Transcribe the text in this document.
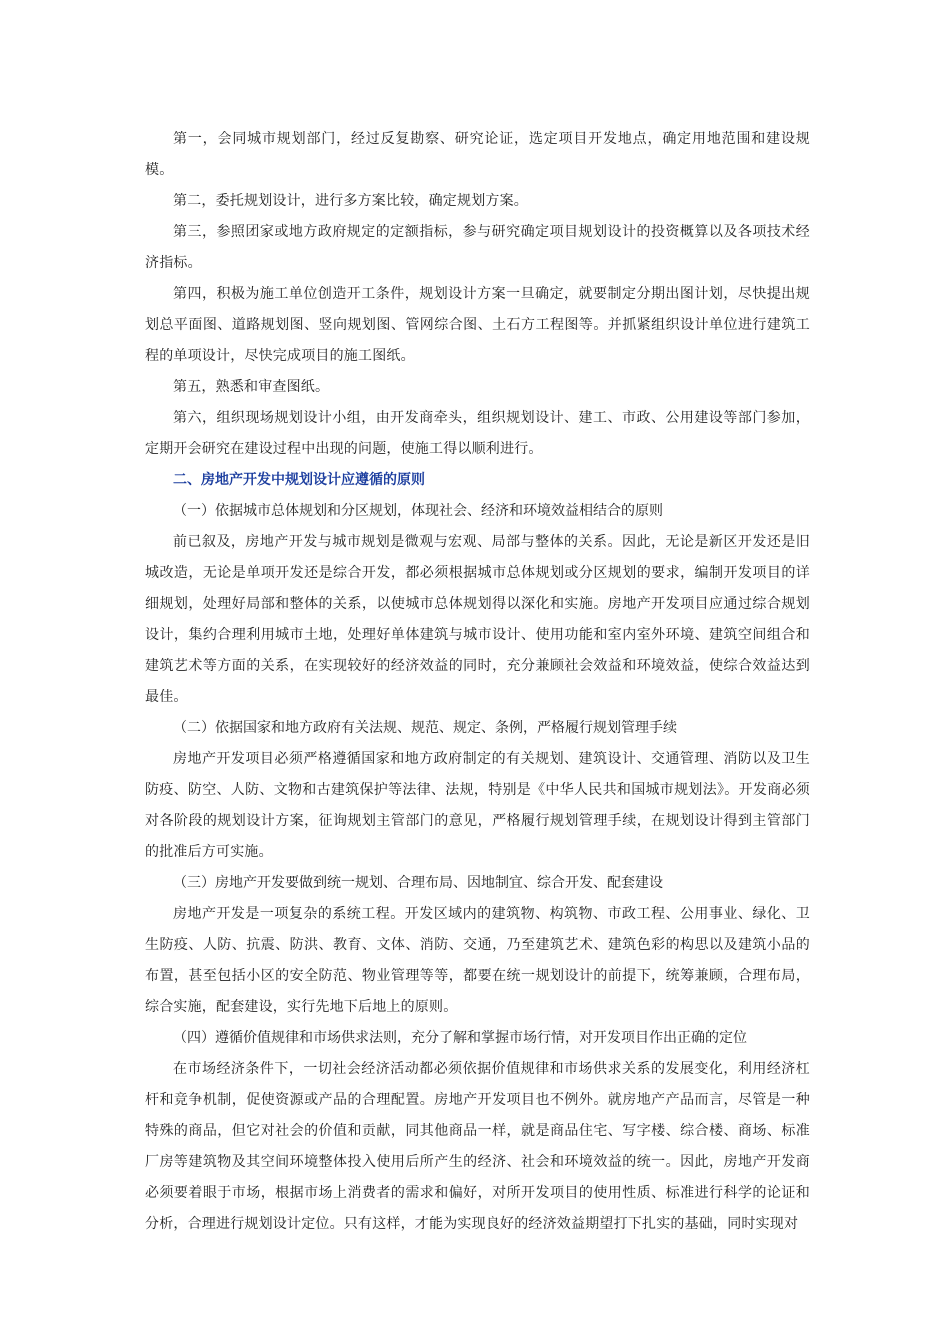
第一，会同城市规划部门，经过反复勘察、研究论证，选定项目开发地点，确定用地范围和建设规模。

第二，委托规划设计，进行多方案比较，确定规划方案。

第三，参照团家或地方政府规定的定额指标，参与研究确定项目规划设计的投资概算以及各项技术经济指标。

第四，积极为施工单位创造开工条件，规划设计方案一旦确定，就要制定分期出图计划，尽快提出规划总平面图、道路规划图、竖向规划图、管网综合图、土石方工程图等。并抓紧组织设计单位进行建筑工程的单项设计，尽快完成项目的施工图纸。

第五，熟悉和审查图纸。

第六，组织现场规划设计小组，由开发商牵头，组织规划设计、建工、市政、公用建设等部门参加，定期开会研究在建设过程中出现的问题，使施工得以顺利进行。

二、房地产开发中规划设计应遵循的原则

（一）依据城市总体规划和分区规划，体现社会、经济和环境效益相结合的原则

前已叙及，房地产开发与城市规划是微观与宏观、局部与整体的关系。因此，无论是新区开发还是旧城改造，无论是单项开发还是综合开发，都必须根据城市总体规划或分区规划的要求，编制开发项目的详细规划，处理好局部和整体的关系，以使城市总体规划得以深化和实施。房地产开发项目应通过综合规划设计，集约合理利用城市土地，处理好单体建筑与城市设计、使用功能和室内室外环境、建筑空间组合和建筑艺术等方面的关系，在实现较好的经济效益的同时，充分兼顾社会效益和环境效益，使综合效益达到最佳。

（二）依据国家和地方政府有关法规、规范、规定、条例，严格履行规划管理手续

房地产开发项目必须严格遵循国家和地方政府制定的有关规划、建筑设计、交通管理、消防以及卫生防疫、防空、人防、文物和古建筑保护等法律、法规，特别是《中华人民共和国城市规划法》。开发商必须对各阶段的规划设计方案，征询规划主管部门的意见，严格履行规划管理手续，在规划设计得到主管部门的批准后方可实施。

（三）房地产开发要做到统一规划、合理布局、因地制宜、综合开发、配套建设

房地产开发是一项复杂的系统工程。开发区域内的建筑物、构筑物、市政工程、公用事业、绿化、卫生防疫、人防、抗震、防洪、教育、文体、消防、交通，乃至建筑艺术、建筑色彩的构思以及建筑小品的布置，甚至包括小区的安全防范、物业管理等等，都要在统一规划设计的前提下，统筹兼顾，合理布局，综合实施，配套建设，实行先地下后地上的原则。

（四）遵循价值规律和市场供求法则，充分了解和掌握市场行情，对开发项目作出正确的定位

在市场经济条件下，一切社会经济活动都必须依据价值规律和市场供求关系的发展变化，利用经济杠杆和竞争机制，促使资源或产品的合理配置。房地产开发项目也不例外。就房地产产品而言，尽管是一种特殊的商品，但它对社会的价值和贡献，同其他商品一样，就是商品住宅、写字楼、综合楼、商场、标准厂房等建筑物及其空间环境整体投入使用后所产生的经济、社会和环境效益的统一。因此，房地产开发商必须要着眼于市场，根据市场上消费者的需求和偏好，对所开发项目的使用性质、标准进行科学的论证和分析，合理进行规划设计定位。只有这样，才能为实现良好的经济效益期望打下扎实的基础，同时实现对
